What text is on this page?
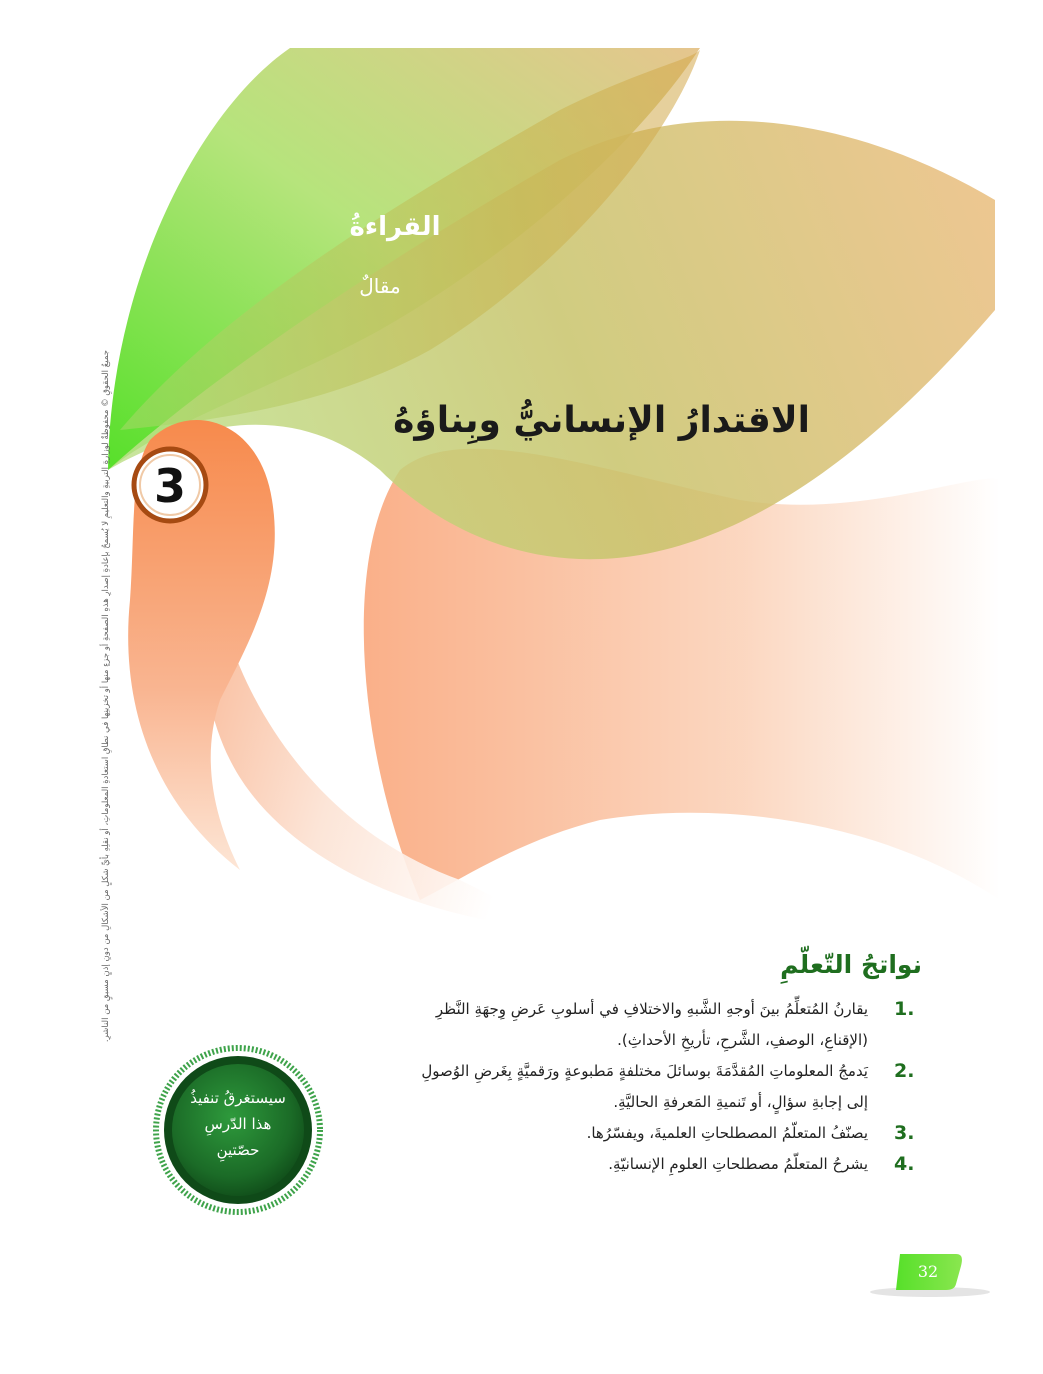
القراءةُ
مقالٌ
الاقتدارُ الإنسانيُّ وبِناؤهُ
3
جميعُ الحقوقِ © محفوظةٌ لوزارةِ التربيةِ والتعليمِ لا يُسمحُ بإعادةِ إصدارِ هذهِ الصفحةِ أو جزءٍ منها أو تخزينِها في نطاقِ استعادةِ المعلوماتِ، أو نقلِهِ بأيِّ شكلٍ من الأشكالِ من دونِ إذنٍ مسبقٍ من الناشرِ.	نواتجُ التّعلّمِ
1.
يقارنُ المُتعلِّمُ بينَ أوجهِ الشَّبهِ والاختلافِ في أسلوبِ عَرضِ وِجهَةِ النَّظرِ
(الإقناعِ، الوصفِ، الشَّرحِ، تأريخِ الأحداثِ).
2.
يَدمجُ المعلوماتِ المُقدَّمَةَ بوسائلَ مختلفةٍ مَطبوعةٍ ورَقميَّةٍ بِغَرضِ الوُصولِ
إلى إجابةِ سؤالٍ، أو تَنميةِ المَعرفةِ الحاليَّةِ.
3.
يصنّفُ المتعلّمُ المصطلحاتِ العلميةَ، ويفسّرُها.
4.
يشرحُ المتعلّمُ مصطلحاتِ العلومِ الإنسانيّةِ.
سيستغرقُ تنفيذُ
هذا الدّرسِ
حصّتينِ
32
